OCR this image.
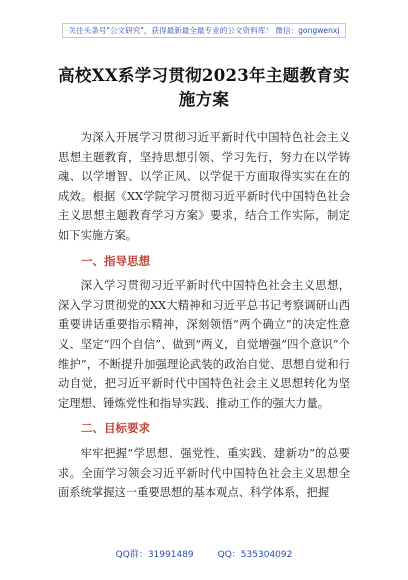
关注头条号"公文研究"，获得最新最全最专业的公文资料库！ 微信：gongwenxj
高校XX系学习贯彻2023年主题教育实施方案

为深入开展学习贯彻习近平新时代中国特色社会主义思想主题教育，坚持思想引领、学习先行，努力在以学铸魂、以学增智、以学正风、以学促干方面取得实实在在的成效。根据《XX学院学习贯彻习近平新时代中国特色社会主义思想主题教育学习方案》要求，结合工作实际，制定如下实施方案。

一、指导思想

深入学习贯彻习近平新时代中国特色社会主义思想，深入学习贯彻党的XX大精神和习近平总书记考察调研山西重要讲话重要指示精神，深刻领悟“两个确立”的决定性意义、坚定“四个自信”、做到“两义，自觉增强”四个意识“个维护”，不断提升加强理论武装的政治自觉、思想自觉和行动自觉，把习近平新时代中国特色社会主义思想转化为坚定理想、锤炼党性和指导实践、推动工作的强大力量。

二、目标要求

牢牢把握“学思想、强党性、重实践、建新功”的总要求。全面学习领会习近平新时代中国特色社会主义思想全面系统掌握这一重要思想的基本观点、科学体系，把握

QQ群：31991489	QQ：535304092
